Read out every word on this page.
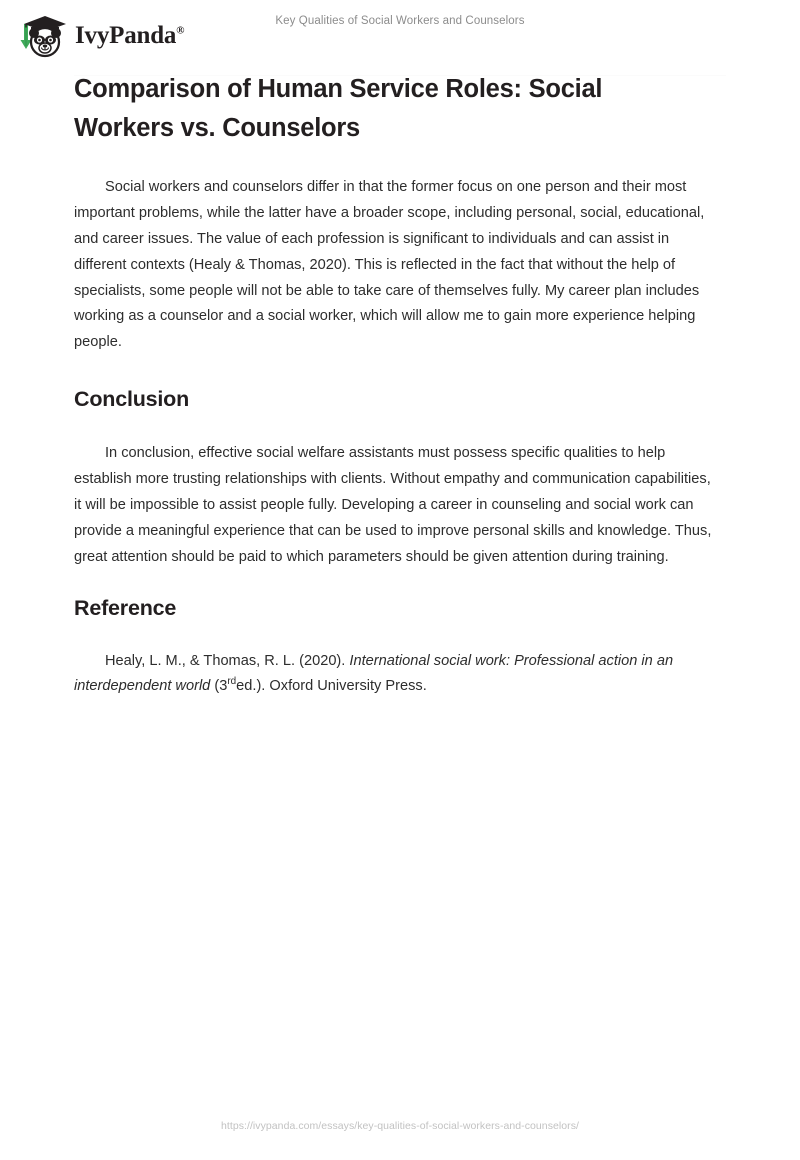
IvyPanda®
Key Qualities of Social Workers and Counselors
Comparison of Human Service Roles: Social Workers vs. Counselors

Social workers and counselors differ in that the former focus on one person and their most important problems, while the latter have a broader scope, including personal, social, educational, and career issues. The value of each profession is significant to individuals and can assist in different contexts (Healy & Thomas, 2020). This is reflected in the fact that without the help of specialists, some people will not be able to take care of themselves fully. My career plan includes working as a counselor and a social worker, which will allow me to gain more experience helping people.

Conclusion

In conclusion, effective social welfare assistants must possess specific qualities to help establish more trusting relationships with clients. Without empathy and communication capabilities, it will be impossible to assist people fully. Developing a career in counseling and social work can provide a meaningful experience that can be used to improve personal skills and knowledge. Thus, great attention should be paid to which parameters should be given attention during training.

Reference

Healy, L. M., & Thomas, R. L. (2020). International social work: Professional action in an interdependent world (3rded.). Oxford University Press.

https://ivypanda.com/essays/key-qualities-of-social-workers-and-counselors/
